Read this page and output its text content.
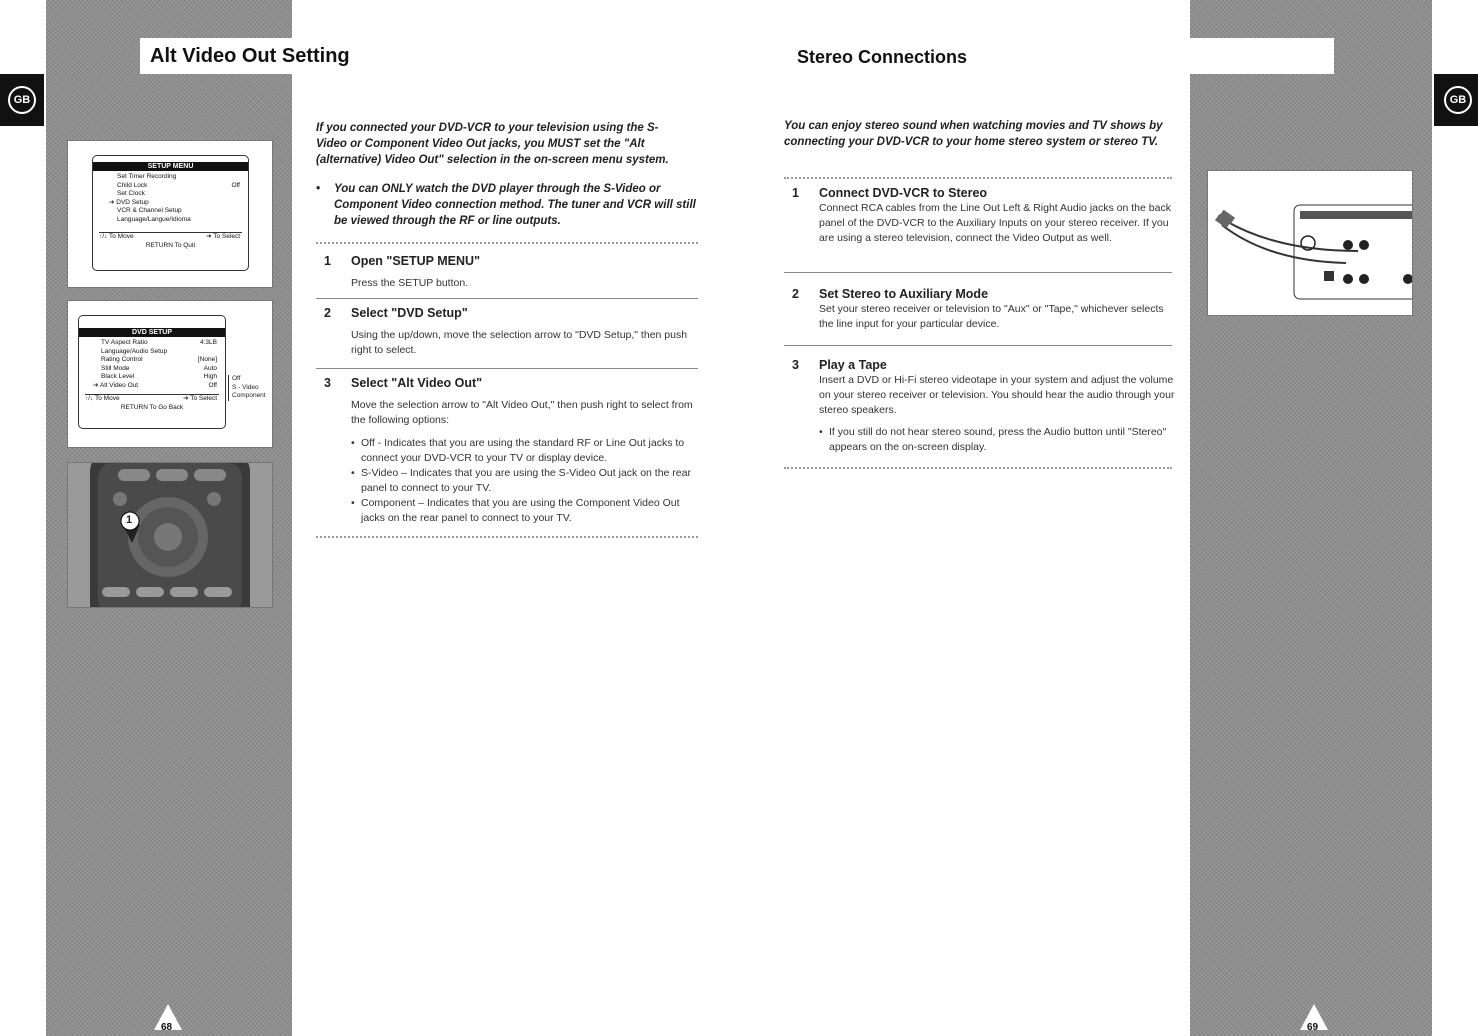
Alt Video Out Setting	Stereo Connections
GB	GB
SETUP MENU
Set Timer Recording
Child Lock	Off
Set Clock
➔ DVD Setup
VCR & Channel Setup
Language/Langue/Idioma
↑/↓ To Move	➔ To Select
RETURN To Quit
DVD SETUP
TV Aspect Ratio	4:3LB
Language/Audio Setup
Rating Control	[None]
Still Mode	Auto
Black Level	High
➔ Alt Video Out	Off
↑/↓ To Move	➔ To Select
RETURN To Go Back
Off
S - Video
Component
1
68	69
If you connected your DVD-VCR to your television using the S-Video or Component Video Out jacks, you MUST set the "Alt (alternative) Video Out" selection in the on-screen menu system.
• You can ONLY watch the DVD player through the S-Video or Component Video connection method. The tuner and VCR will still be viewed through the RF or line outputs.
1 Open "SETUP MENU"
Press the SETUP button.
2 Select "DVD Setup"
Using the up/down, move the selection arrow to "DVD Setup," then push right to select.
3 Select "Alt Video Out"
Move the selection arrow to "Alt Video Out," then push right to select from the following options:
• Off - Indicates that you are using the standard RF or Line Out jacks to connect your DVD-VCR to your TV or display device.
• S-Video – Indicates that you are using the S-Video Out jack on the rear panel to connect to your TV.
• Component – Indicates that you are using the Component Video Out jacks on the rear panel to connect to your TV.
You can enjoy stereo sound when watching movies and TV shows by connecting your DVD-VCR to your home stereo system or stereo TV.
1 Connect DVD-VCR to Stereo
Connect RCA cables from the Line Out Left & Right Audio jacks on the back panel of the DVD-VCR to the Auxiliary Inputs on your stereo receiver. If you are using a stereo television, connect the Video Output as well.
2 Set Stereo to Auxiliary Mode
Set your stereo receiver or television to "Aux" or "Tape," whichever selects the line input for your particular device.
3 Play a Tape
Insert a DVD or Hi-Fi stereo videotape in your system and adjust the volume on your stereo receiver or television. You should hear the audio through your stereo speakers.
• If you still do not hear stereo sound, press the Audio button until "Stereo" appears on the on-screen display.
